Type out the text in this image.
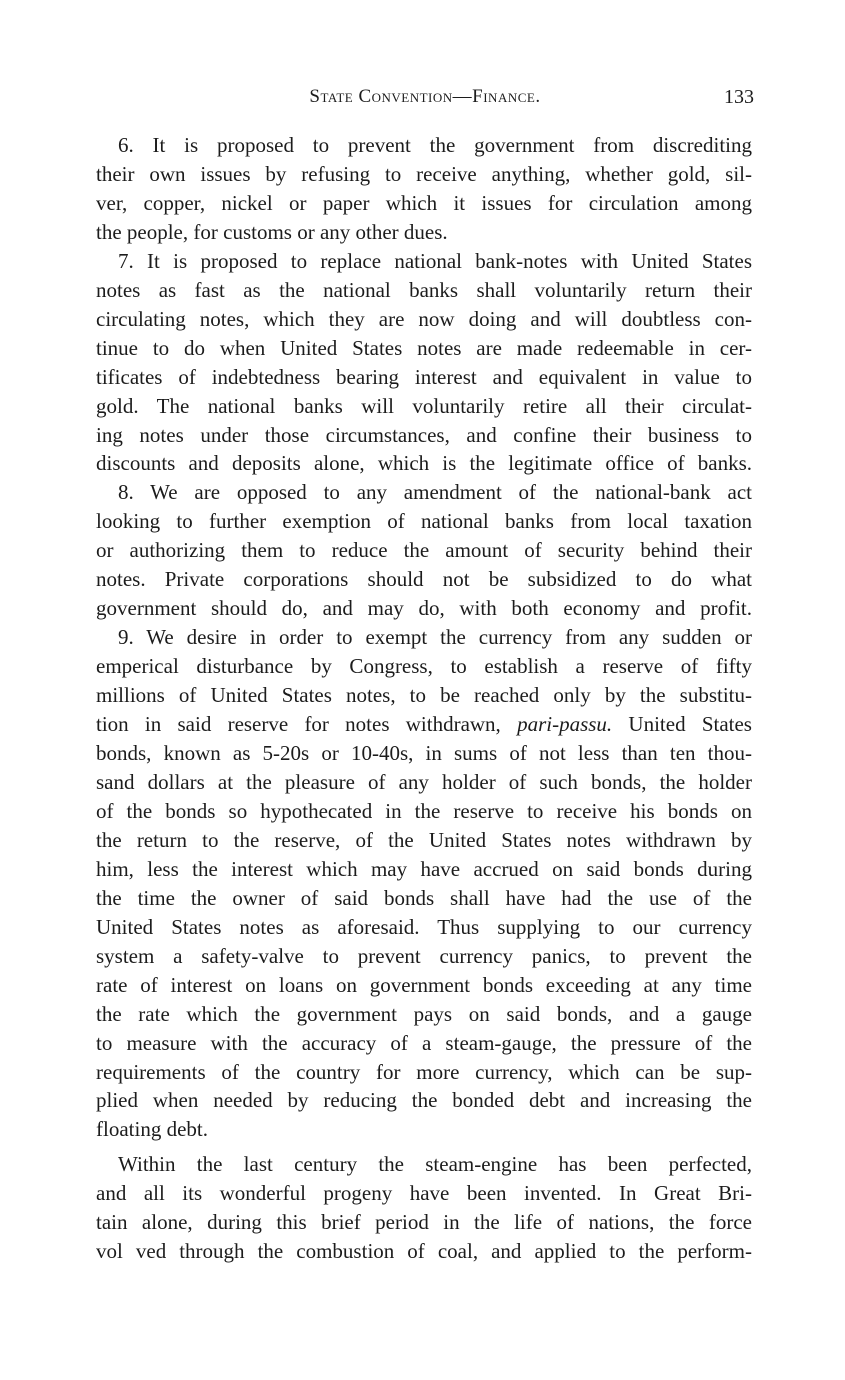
State Convention—Finance.	133

6. It is proposed to prevent the government from discrediting
their own issues by refusing to receive anything, whether gold, sil-
ver, copper, nickel or paper which it issues for circulation among
the people, for customs or any other dues.

7. It is proposed to replace national bank-notes with United States
notes as fast as the national banks shall voluntarily return their
circulating notes, which they are now doing and will doubtless con-
tinue to do when United States notes are made redeemable in cer-
tificates of indebtedness bearing interest and equivalent in value to
gold. The national banks will voluntarily retire all their circulat-
ing notes under those circumstances, and confine their business to
discounts and deposits alone, which is the legitimate office of banks.

8. We are opposed to any amendment of the national-bank act
looking to further exemption of national banks from local taxation
or authorizing them to reduce the amount of security behind their
notes. Private corporations should not be subsidized to do what
government should do, and may do, with both economy and profit.

9. We desire in order to exempt the currency from any sudden or
emperical disturbance by Congress, to establish a reserve of fifty
millions of United States notes, to be reached only by the substitu-
tion in said reserve for notes withdrawn, pari-passu. United States
bonds, known as 5-20s or 10-40s, in sums of not less than ten thou-
sand dollars at the pleasure of any holder of such bonds, the holder
of the bonds so hypothecated in the reserve to receive his bonds on
the return to the reserve, of the United States notes withdrawn by
him, less the interest which may have accrued on said bonds during
the time the owner of said bonds shall have had the use of the
United States notes as aforesaid. Thus supplying to our currency
system a safety-valve to prevent currency panics, to prevent the
rate of interest on loans on government bonds exceeding at any time
the rate which the government pays on said bonds, and a gauge
to measure with the accuracy of a steam-gauge, the pressure of the
requirements of the country for more currency, which can be sup-
plied when needed by reducing the bonded debt and increasing the
floating debt.

Within the last century the steam-engine has been perfected,
and all its wonderful progeny have been invented. In Great Bri-
tain alone, during this brief period in the life of nations, the force
vol ved through the combustion of coal, and applied to the perform-
